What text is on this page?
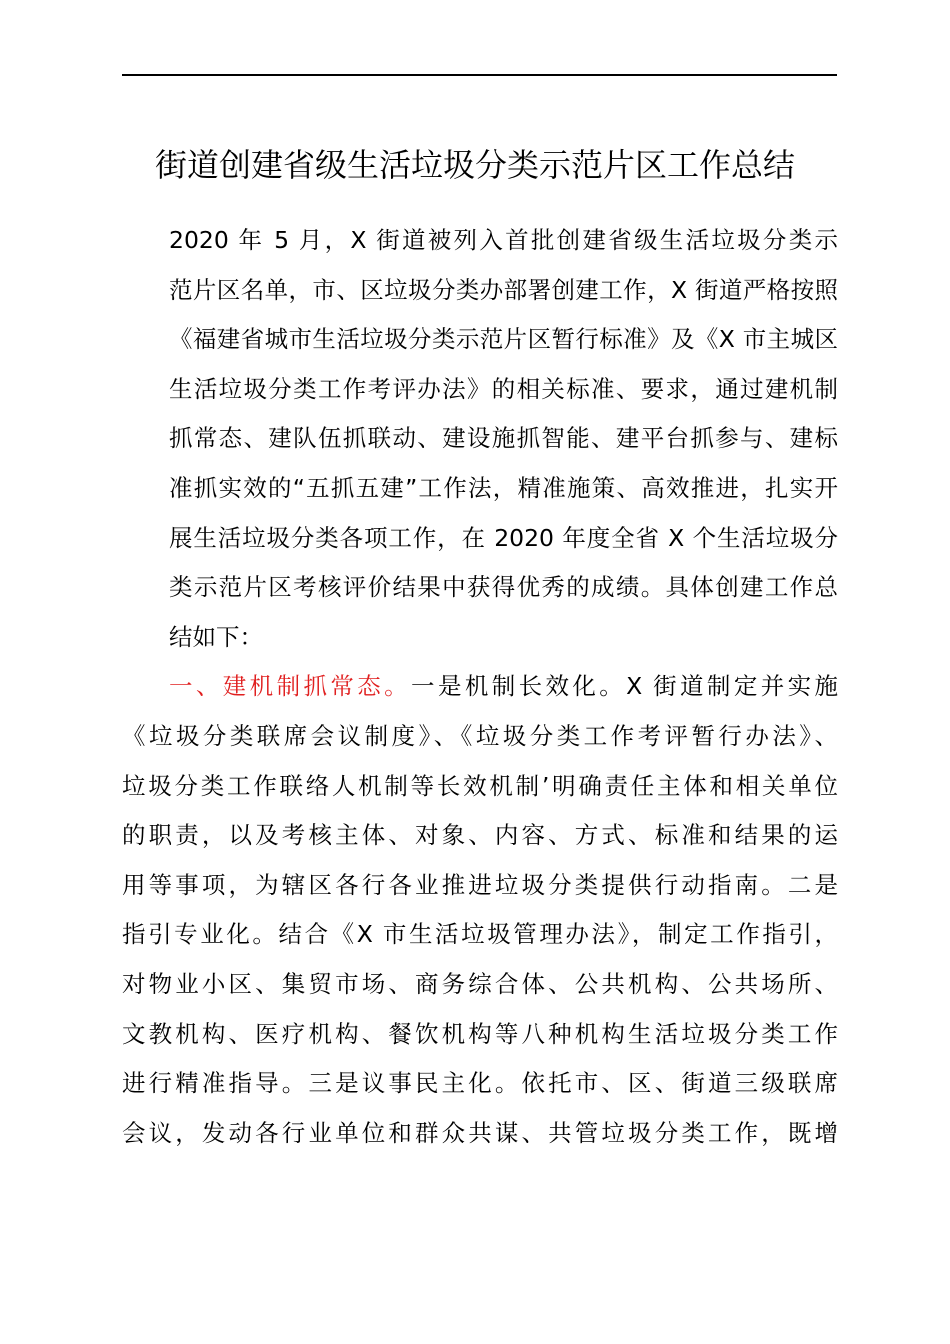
街道创建省级生活垃圾分类示范片区工作总结

2020 年 5 月，X 街道被列入首批创建省级生活垃圾分类示
范片区名单，市、区垃圾分类办部署创建工作，X 街道严格按照
《福建省城市生活垃圾分类示范片区暂行标准》及《X 市主城区
生活垃圾分类工作考评办法》的相关标准、要求，通过建机制
抓常态、建队伍抓联动、建设施抓智能、建平台抓参与、建标
准抓实效的“五抓五建”工作法，精准施策、高效推进，扎实开
展生活垃圾分类各项工作，在 2020 年度全省 X 个生活垃圾分
类示范片区考核评价结果中获得优秀的成绩。具体创建工作总
结如下：

一、建机制抓常态。一是机制长效化。X 街道制定并实施
《垃圾分类联席会议制度》、《垃圾分类工作考评暂行办法》、
垃圾分类工作联络人机制等长效机制’明确责任主体和相关单位
的职责，以及考核主体、对象、内容、方式、标准和结果的运
用等事项，为辖区各行各业推进垃圾分类提供行动指南。二是
指引专业化。结合《X 市生活垃圾管理办法》，制定工作指引，
对物业小区、集贸市场、商务综合体、公共机构、公共场所、
文教机构、医疗机构、餐饮机构等八种机构生活垃圾分类工作
进行精准指导。三是议事民主化。依托市、区、街道三级联席
会议，发动各行业单位和群众共谋、共管垃圾分类工作，既增
